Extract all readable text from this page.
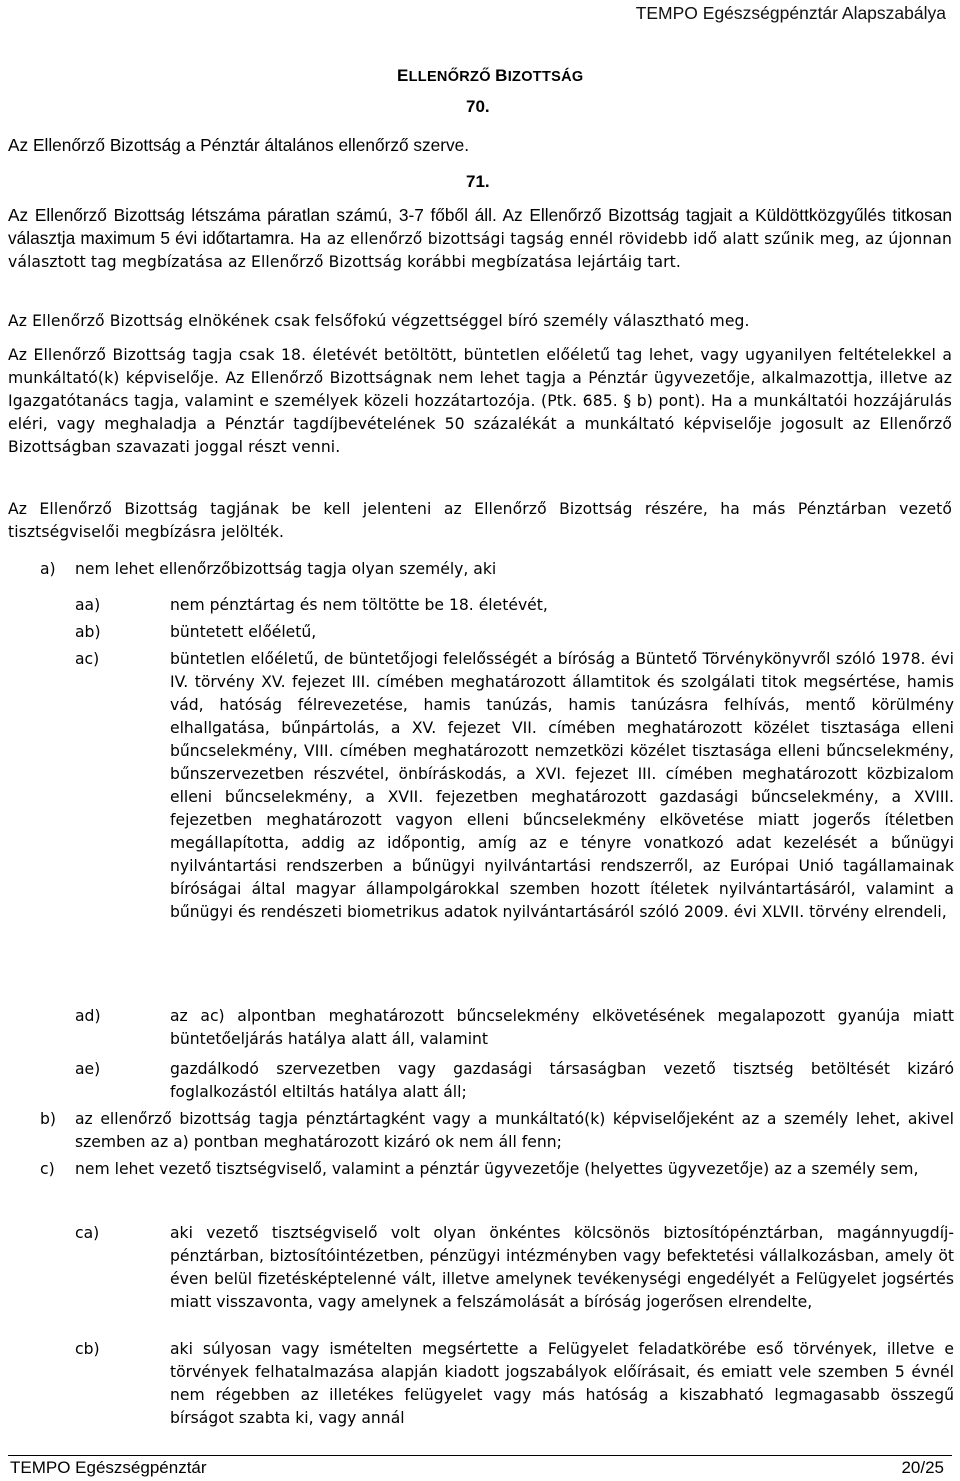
TEMPO Egészségpénztár Alapszabálya
ELLENŐRZŐ BIZOTTSÁG
70.
Az Ellenőrző Bizottság a Pénztár általános ellenőrző szerve.
71.
Az Ellenőrző Bizottság létszáma páratlan számú, 3-7 főből áll. Az Ellenőrző Bizottság tagjait a Küldöttközgyűlés titkosan választja maximum 5 évi időtartamra. Ha az ellenőrző bizottsági tagság ennél rövidebb idő alatt szűnik meg, az újonnan választott tag megbízatása az Ellenőrző Bizottság korábbi megbízatása lejártáig tart.
Az Ellenőrző Bizottság elnökének csak felsőfokú végzettséggel bíró személy választható meg.
Az Ellenőrző Bizottság tagja csak 18. életévét betöltött, büntetlen előéletű tag lehet, vagy ugyanilyen feltételekkel a munkáltató(k) képviselője. Az Ellenőrző Bizottságnak nem lehet tagja a Pénztár ügyvezetője, alkalmazottja, illetve az Igazgatótanács tagja, valamint e személyek közeli hozzátartozója. (Ptk. 685. § b) pont). Ha a munkáltatói hozzájárulás eléri, vagy meghaladja a Pénztár tagdíjbevételének 50 százalékát a munkáltató képviselője jogosult az Ellenőrző Bizottságban szavazati joggal részt venni.
Az Ellenőrző Bizottság tagjának be kell jelenteni az Ellenőrző Bizottság részére, ha más Pénztárban vezető tisztségviselői megbízásra jelölték.
a) nem lehet ellenőrzőbizottság tagja olyan személy, aki
aa)	nem pénztártag és nem töltötte be 18. életévét,
ab)	büntetett előéletű,
ac)	büntetlen előéletű, de büntetőjogi felelősségét a bíróság a Büntető Törvénykönyvről szóló 1978. évi IV. törvény XV. fejezet III. címében meghatározott államtitok és szolgálati titok megsértése, hamis vád, hatóság félrevezetése, hamis tanúzás, hamis tanúzásra felhívás, mentő körülmény elhallgatása, bűnpártolás, a XV. fejezet VII. címében meghatározott közélet tisztasága elleni bűncselekmény, VIII. címében meghatározott nemzetközi közélet tisztasága elleni bűncselekmény, bűnszervezetben részvétel, önbíráskodás, a XVI. fejezet III. címében meghatározott közbizalom elleni bűncselekmény, a XVII. fejezetben meghatározott gazdasági bűncselekmény, a XVIII. fejezetben meghatározott vagyon elleni bűncselekmény elkövetése miatt jogerős ítéletben megállapította, addig az időpontig, amíg az e tényre vonatkozó adat kezelését a bűnügyi nyilvántartási rendszerben a bűnügyi nyilvántartási rendszerről, az Európai Unió tagállamainak bíróságai által magyar állampolgárokkal szemben hozott ítéletek nyilvántartásáról, valamint a bűnügyi és rendészeti biometrikus adatok nyilvántartásáról szóló 2009. évi XLVII. törvény elrendeli,
ad)	az ac) alpontban meghatározott bűncselekmény elkövetésének megalapozott gyanúja miatt büntetőeljárás hatálya alatt áll, valamint
ae)	gazdálkodó szervezetben vagy gazdasági társaságban vezető tisztség betöltését kizáró foglalkozástól eltiltás hatálya alatt áll;
b) az ellenőrző bizottság tagja pénztártagként vagy a munkáltató(k) képviselőjeként az a személy lehet, akivel szemben az a) pontban meghatározott kizáró ok nem áll fenn;
c) nem lehet vezető tisztségviselő, valamint a pénztár ügyvezetője (helyettes ügyvezetője) az a személy sem,
ca)	aki vezető tisztségviselő volt olyan önkéntes kölcsönös biztosítópénztárban, magánnyugdíj-pénztárban, biztosítóintézetben, pénzügyi intézményben vagy befektetési vállalkozásban, amely öt éven belül fizetésképtelenné vált, illetve amelynek tevékenységi engedélyét a Felügyelet jogsértés miatt visszavonta, vagy amelynek a felszámolását a bíróság jogerősen elrendelte,
cb)	aki súlyosan vagy ismételten megsértette a Felügyelet feladatkörébe eső törvények, illetve e törvények felhatalmazása alapján kiadott jogszabályok előírásait, és emiatt vele szemben 5 évnél nem régebben az illetékes felügyelet vagy más hatóság a kiszabható legmagasabb összegű bírságot szabta ki, vagy annál
TEMPO Egészségpénztár	20/25
